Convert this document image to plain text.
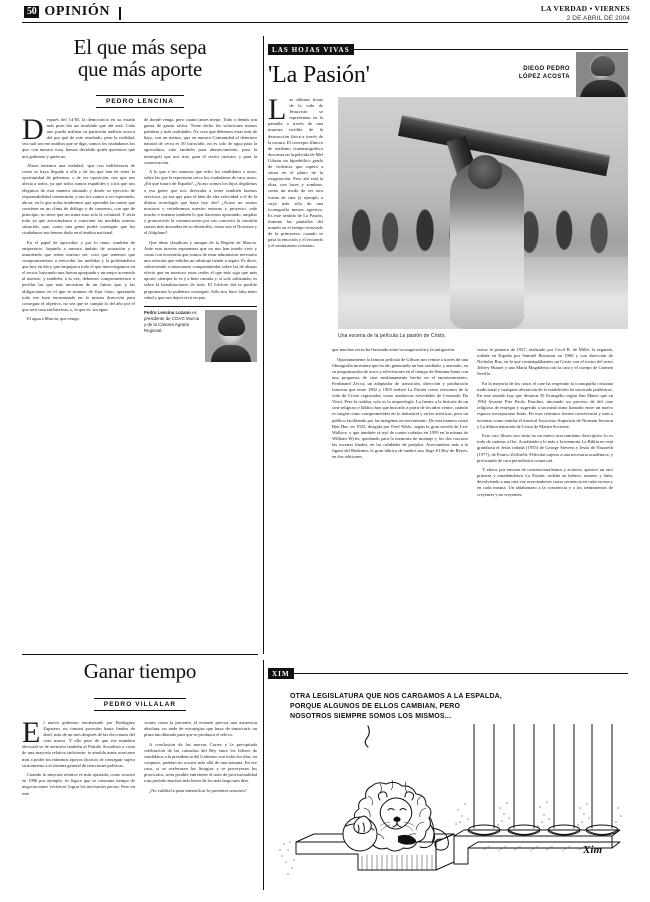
50 OPINIÓN	LA VERDAD • VIERNES
2 DE ABRIL DE 2004
El que más sepa
que más aporte
PEDRO LENCINA

Después del 14-M, la democracia en su estado más puro dio un resultado que ahí está. Cada uno puede realizar su particular análisis acerca del por qué de este resultado, pero la realidad, sea cual sea ese análisis que se diga, somos los ciudadanos los que, con nuestro voto, hemos decidido quién queremos que nos gobierne y quién no.

Ahora tenemos una realidad, -que con indiferencia de cómo se haya llegado a ella y de los que han de tener la oportunidad de gobernar, o de ser oposición, nos que nos afecta a todos, ya que todos somos españoles y a los que nos elegimos de esta manera situando y desde su ejercicio de responsabilidad consentirán, y nos los vamos a ver esperando, ahora, en la que todos tendremos que aprender las tareas que conviene en un clima de diálogo y de consenso, con que de principio, no tiene que ser mina sino solo la voluntad. Y sería todo ya que acercándonos a concretar las medidas nuevas situación, que, como una gente podrá conseguir que los ciudadanos nos hemos dado en el ámbito nacional.

En el papel de agricultor y por lo tanto, también de empresario, bajando a nuestro ámbito de actuación y a asumiendo que reúne nuestro ser, creo que tenemos que comprometernos a reescribir las medidas y la problemática que hoy en día y que empujan a todo el que intervengamos en el sector, buscando una fuerza apropiada y un mejor acomodo al nuestro, y también, a la vez, debemos comprometernos a perfilar las que más necesitan de un futuro que, y las obligaciones en el que se manera de fijar claro, aportando todo ese bien encaminado en la misma dirección para conseguir el objetivo, no sea que se cumpla lo del año por el que será casa sin barreras, o, lo que es, sin agua.

El agua a Murcia, que venga.

de donde venga, pero cuanto antes mejor. Todo o demás son ganas de gastar saliva. Tiene dicho los soluciones menos palabras y más realidades. No creo que debemos estar más de bajo, con un manos, que en nuestra Comunidad el deterioro natural de cerca es 50 litros/año, no es solo de agua para la agricultura, sino también para abastecimiento, para la metrópoli que nos trae, para el sector turístico y para la conservación.

A lo que a los rumores que echo los candidatos a otras, sobre las que la representa cerca los ciudadanos de cara, unos: ¿En qué futuro de España?, ¿Acaso somos los hijos ilegítimos a esa gente que nos devoraba a tener también buenos servicios, ya sea que para el bien de alta velocidad o el de la última tecnología que haya hoy día? ¿Acaso no somos nosotros y vertebramos nuestro entorno y proyecto, vale mucho e intentar también lo que hacemos aportando, ampliar y promoverlo la comunicación por sus convertir la cuestión somos más atrasadas en su desarrollo, como son el Noroeste y el Altiplano?

Que ideas claudican y aunque de la Región de Murcia. Ante esas nuevas esperanzas que no nos han tenido vivir y como con economía que somos de estar administrar necesario una relación que teñidos un arbitraje tiende a seguir. Es decir, sobreviendo a situaciones comprometidas sobre las de abusar efecto que en nuestros estas reales el que más siga que más aporte; siempre lo es y a bien cumula y, si solo utilizando, es sobre la banalizaciones de todo. El folclore dal es posible proponernos lo podemos conseguir. Sólo nos hace falta tener salud y que nos dejen vivir en paz.

Pedro Lencina Lozano es presidente de COAG Murcia y de la Cámara Agraria Regional.
LAS HOJAS VIVAS
'La Pasión'	DIEGO PEDRO
LÓPEZ ACOSTA

Las últimas horas de la vida de Jesucristo se representan en la pantalla a través de una muestra terrible de la destrucción física a través de la tortura. El concepto fílmico de realismo cinematográfico descansa en la película de Mel Gibson un hiperbólico grado de violencia que supera a situar en el plano de la exageración. Pero ahí está la obra, con luces y sombras, como un modo de ser otra forma de cine (y ejemplo a cuyo más sólo de una iconografía menos agresiva. Es este sentido de La Pasión, ilumina las pantallas del mundo en el tiempo renovado de la primavera, cuando se pasa la emoción y el recuerdo y el sentimiento cristiano.

Una escena de la película La pasión de Cristo.

que muchas veces ha fluctuado entre la exageración y la mitigación.

Oportunamente la famosa película de Gibson nos remite a través de una filmografía incesante que ha ido generando un haz asediado, y anexado, en su programación de actos y televisiones en el tiempo de Semana Santa con una propuesta de cine medianamente hecho en el entretenimiento. Ferdinand Zecca, un adaptador de transición, dirección y producción francesa que entre 1902 y 1905 realizó La Pasión como versiones de la vida de Cristo registradas como auténticas novedades de Leonardo Da Vinci, Pere la rodaba, solo es la arqueología. La fuente a la historia de un cine religioso y bíblico hay que buscarlo a partir de los años veinte, cuando es surgen como comprometidas en lo industrial y en las artísticas, pero un público facilitando por las imágenes en movimiento. De esta manera cruzó Ben Hur, en 1925, dirigida por Fred Niblo, según la gran novela de Lew Wallace, y que también se usó de cuatro rodadas en 1959 en la misma de William Wyler, quedando para la memoria de montaje y los dos rascarse las escenas finales, en las calidades de periplos. Acercándose más a la figura del Redentor, la gran fábrica de sueños nos llegó El Rey de Reyes, en dos ediciones.

ciarse la primera de 1927, realizado por Cecil B. de Mille; la segunda, rodada en España por Samuel Bronston en 1960 y con dirección de Nicholas Ray, en la que contemplábamos un Cristo con el rostro del actor Jeffrey Hunter y una María Magdalena con la cara y el cuerpo de Carmen Sevilla.

En la mayoría de los casos el cine ha respetado la iconografía cristiana tradicional y cualquier alteración de lo establecido ha suscitado polémicas. En este sentido hay que destacar El Evangelio según San Mateo que en 1964 levantó Pier Paolo Pasolini, iniciando un proceso de del cine religioso de entregar y sugerido a un misticismo llamado entre un nuevo espacio incorporarse Jesús. En esos términos fueron convivencia y más a inventar como similar el musical Jesucristo Superstar de Norman Jewison y La última tentación de Cristo de Martin Scorsese.

Este otro filmes nos sitúa en un nuevo acercamiento descriptivo lo es todo de cuántas a flor. Acudiendo a lo más a la memoria La Biblia no está grandiosa el Jesús rodada (1955) de George Stevens y Jesús de Nazareth (1977), de Franco Zeffirelli. Películas sujetas a una necesaria académica, y precisando de cara periodística comercial.

Y ahora, por encima de convencionalismos y aciertos, aparece un otro primera y enseñándonos La Pasión, rodada en hebreo, arameo y latín, devolviendo a una otra vez acercándonos como secuencia en cada escena y en cada misma. Un aldabonazo a la conciencia y a los sentimientos de creyentes y no creyentes.

Ganar tiempo
PEDRO VILLALAR

El nuevo gobierno encabezado por Rodríguez Zapatero, no tomará posesión hasta finales de abril, más de un mes después de las elecciones del voto nuevo. Y ello pese de que ese mandato electoral se de atención también al Partido Socialista a costa de una mayoría relativa suficiente: te amolda asma acercarse más a poder los mínimos apoyos fácticos de conseguir sujeto su momento a al sistema general de reacciones políticas.

Cuando lo mayoría relativa es más ajustada, como ocurrió en 1996 por ejemplo, es lógico que se consuma tiempo de negociaciones 'revisivas' lograr los necesarios pactos. Pero en este

ciones como la presente, el examen precisa una asistencia absoluta, no ande de estrategias que haya de transcurrir un plazo tan dilatado para que se produzca el relevo.

A conclusión de las nuevas Cortes y la precipitada celebración de las consultas del Rey entre los líderes de candidatos a la presidencia del Gobierno son todos los días, en conjunto, podrían no ocurrir más allá de una semana. En ese caso, si se acelerasen las liturgias y se proveyeran los protocolos, sería posible entretener el trato de provisionalidad a un período muchos más breve de los más largo mes días.

¿No valdría la pena intensificar lo presentes sesiones?

XIM
OTRA LEGISLATURA QUE NOS CARGAMOS A LA ESPALDA,
PORQUE ALGUNOS DE ELLOS CAMBIAN, PERO
NOSOTROS SIEMPRE SOMOS LOS MISMOS...
Xim
